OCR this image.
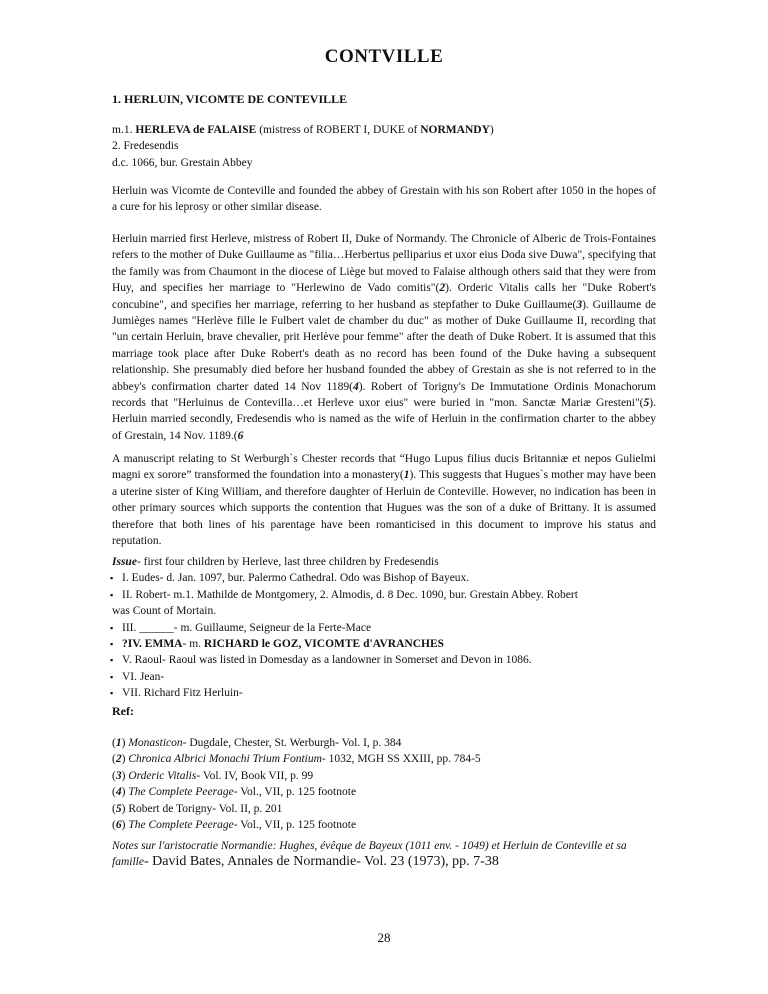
CONTVILLE
1. HERLUIN, VICOMTE DE CONTEVILLE
m.1. HERLEVA de FALAISE (mistress of ROBERT I, DUKE of NORMANDY)
2. Fredesendis
d.c. 1066, bur. Grestain Abbey
Herluin was Vicomte de Conteville and founded the abbey of Grestain with his son Robert after 1050 in the hopes of a cure for his leprosy or other similar disease.
Herluin married first Herleve, mistress of Robert II, Duke of Normandy. The Chronicle of Alberic de Trois-Fontaines refers to the mother of Duke Guillaume as "filia…Herbertus pelliparius et uxor eius Doda sive Duwa", specifying that the family was from Chaumont in the diocese of Liège but moved to Falaise although others said that they were from Huy, and specifies her marriage to "Herlewino de Vado comitis"(2). Orderic Vitalis calls her "Duke Robert's concubine", and specifies her marriage, referring to her husband as stepfather to Duke Guillaume(3). Guillaume de Jumièges names "Herlève fille le Fulbert valet de chamber du duc" as mother of Duke Guillaume II, recording that "un certain Herluin, brave chevalier, prit Herlève pour femme" after the death of Duke Robert. It is assumed that this marriage took place after Duke Robert's death as no record has been found of the Duke having a subsequent relationship. She presumably died before her husband founded the abbey of Grestain as she is not referred to in the abbey's confirmation charter dated 14 Nov 1189(4). Robert of Torigny's De Immutatione Ordinis Monachorum records that "Herluinus de Contevilla…et Herleve uxor eius" were buried in "mon. Sanctæ Mariæ Gresteni"(5). Herluin married secondly, Fredesendis who is named as the wife of Herluin in the confirmation charter to the abbey of Grestain, 14 Nov. 1189.(6
A manuscript relating to St Werburgh`s Chester records that “Hugo Lupus filius ducis Britanniæ et nepos Gulielmi magni ex sorore” transformed the foundation into a monastery(1). This suggests that Hugues`s mother may have been a uterine sister of King William, and therefore daughter of Herluin de Conteville. However, no indication has been in other primary sources which supports the contention that Hugues was the son of a duke of Brittany. It is assumed therefore that both lines of his parentage have been romanticised in this document to improve his status and reputation.
Issue- first four children by Herleve, last three children by Fredesendis
▪ I. Eudes- d. Jan. 1097, bur. Palermo Cathedral. Odo was Bishop of Bayeux.
▪ II. Robert- m.1. Mathilde de Montgomery, 2. Almodis, d. 8 Dec. 1090, bur. Grestain Abbey. Robert
was Count of Mortain.
▪ III. ______- m. Guillaume, Seigneur de la Ferte-Mace
▪ ?IV. EMMA- m. RICHARD le GOZ, VICOMTE d'AVRANCHES
▪ V. Raoul- Raoul was listed in Domesday as a landowner in Somerset and Devon in 1086.
▪ VI. Jean-
▪ VII. Richard Fitz Herluin-
Ref:
(1) Monasticon- Dugdale, Chester, St. Werburgh- Vol. I, p. 384
(2) Chronica Albrici Monachi Trium Fontium- 1032, MGH SS XXIII, pp. 784-5
(3) Orderic Vitalis- Vol. IV, Book VII, p. 99
(4) The Complete Peerage- Vol., VII, p. 125 footnote
(5) Robert de Torigny- Vol. II, p. 201
(6) The Complete Peerage- Vol., VII, p. 125 footnote
Notes sur l'aristocratie Normandie: Hughes, évêque de Bayeux (1011 env. - 1049) et Herluin de Conteville et sa famille- David Bates, Annales de Normandie- Vol. 23 (1973), pp. 7-38
28
